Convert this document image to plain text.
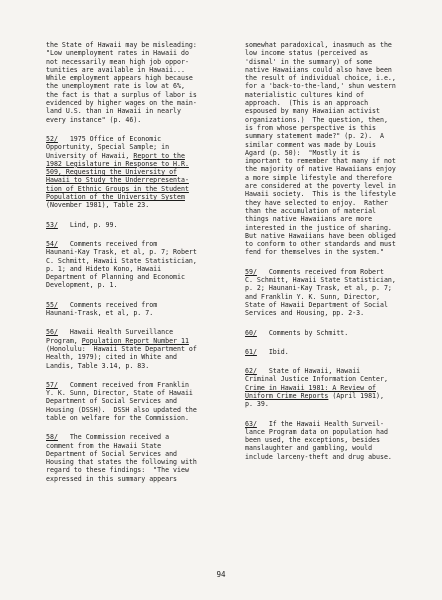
the State of Hawaii may be misleading:
"Low unemployment rates in Hawaii do
not necessarily mean high job oppor-
tunities are available in Hawaii...
While employment appears high because
the unemployment rate is low at 6%,
the fact is that a surplus of labor is
evidenced by higher wages on the main-
land U.S. than in Hawaii in nearly
every instance" (p. 46).
52/   1975 Office of Economic
Opportunity, Special Sample; in
University of Hawaii, Report to the
1982 Legislature in Response to H.R.
509, Requesting the University of
Hawaii to Study the Underrepresenta-
tion of Ethnic Groups in the Student
Population of the University System
(November 1981), Table 23.
53/   Lind, p. 99.
54/   Comments received from
Haunani-Kay Trask, et al, p. 7; Robert
C. Schmitt, Hawaii State Statistician,
p. 1; and Hideto Kono, Hawaii
Department of Planning and Economic
Development, p. 1.
55/   Comments received from
Haunani-Trask, et al, p. 7.
56/   Hawaii Health Surveillance
Program, Population Report Number 11
(Honolulu:  Hawaii State Department of
Health, 1979); cited in White and
Landis, Table 3.14, p. 83.
57/   Comment received from Franklin
Y. K. Sunn, Director, State of Hawaii
Department of Social Services and
Housing (DSSH).  DSSH also updated the
table on welfare for the Commission.
58/   The Commission received a
comment from the Hawaii State
Department of Social Services and
Housing that states the following with
regard to these findings:  "The view
expressed in this summary appears
somewhat paradoxical, inasmuch as the
low income status (perceived as
'dismal' in the summary) of some
native Hawaiians could also have been
the result of individual choice, i.e.,
for a 'back-to-the-land,' shun western
materialistic cultures kind of
approach.  (This is an approach
espoused by many Hawaiian activist
organizations.)  The question, then,
is from whose perspective is this
summary statement made?" (p. 2).  A
similar comment was made by Louis
Agard (p. 50):  "Mostly it is
important to remember that many if not
the majority of native Hawaiians enjoy
a more simple lifestyle and therefore
are considered at the poverty level in
Hawaii society.  This is the lifestyle
they have selected to enjoy.  Rather
than the accumulation of material
things native Hawaiians are more
interested in the justice of sharing.
But native Hawaiians have been obliged
to conform to other standards and must
fend for themselves in the system."
59/   Comments received from Robert
C. Schmitt, Hawaii State Statistician,
p. 2; Haunani-Kay Trask, et al, p. 7;
and Franklin Y. K. Sunn, Director,
State of Hawaii Department of Social
Services and Housing, pp. 2-3.
60/   Comments by Schmitt.
61/   Ibid.
62/   State of Hawaii, Hawaii
Criminal Justice Information Center,
Crime in Hawaii 1981: A Review of
Uniform Crime Reports (April 1981),
p. 39.
63/   If the Hawaii Health Surveil-
lance Program data on population had
been used, the exceptions, besides
manslaughter and gambling, would
include larceny-theft and drug abuse.
94
